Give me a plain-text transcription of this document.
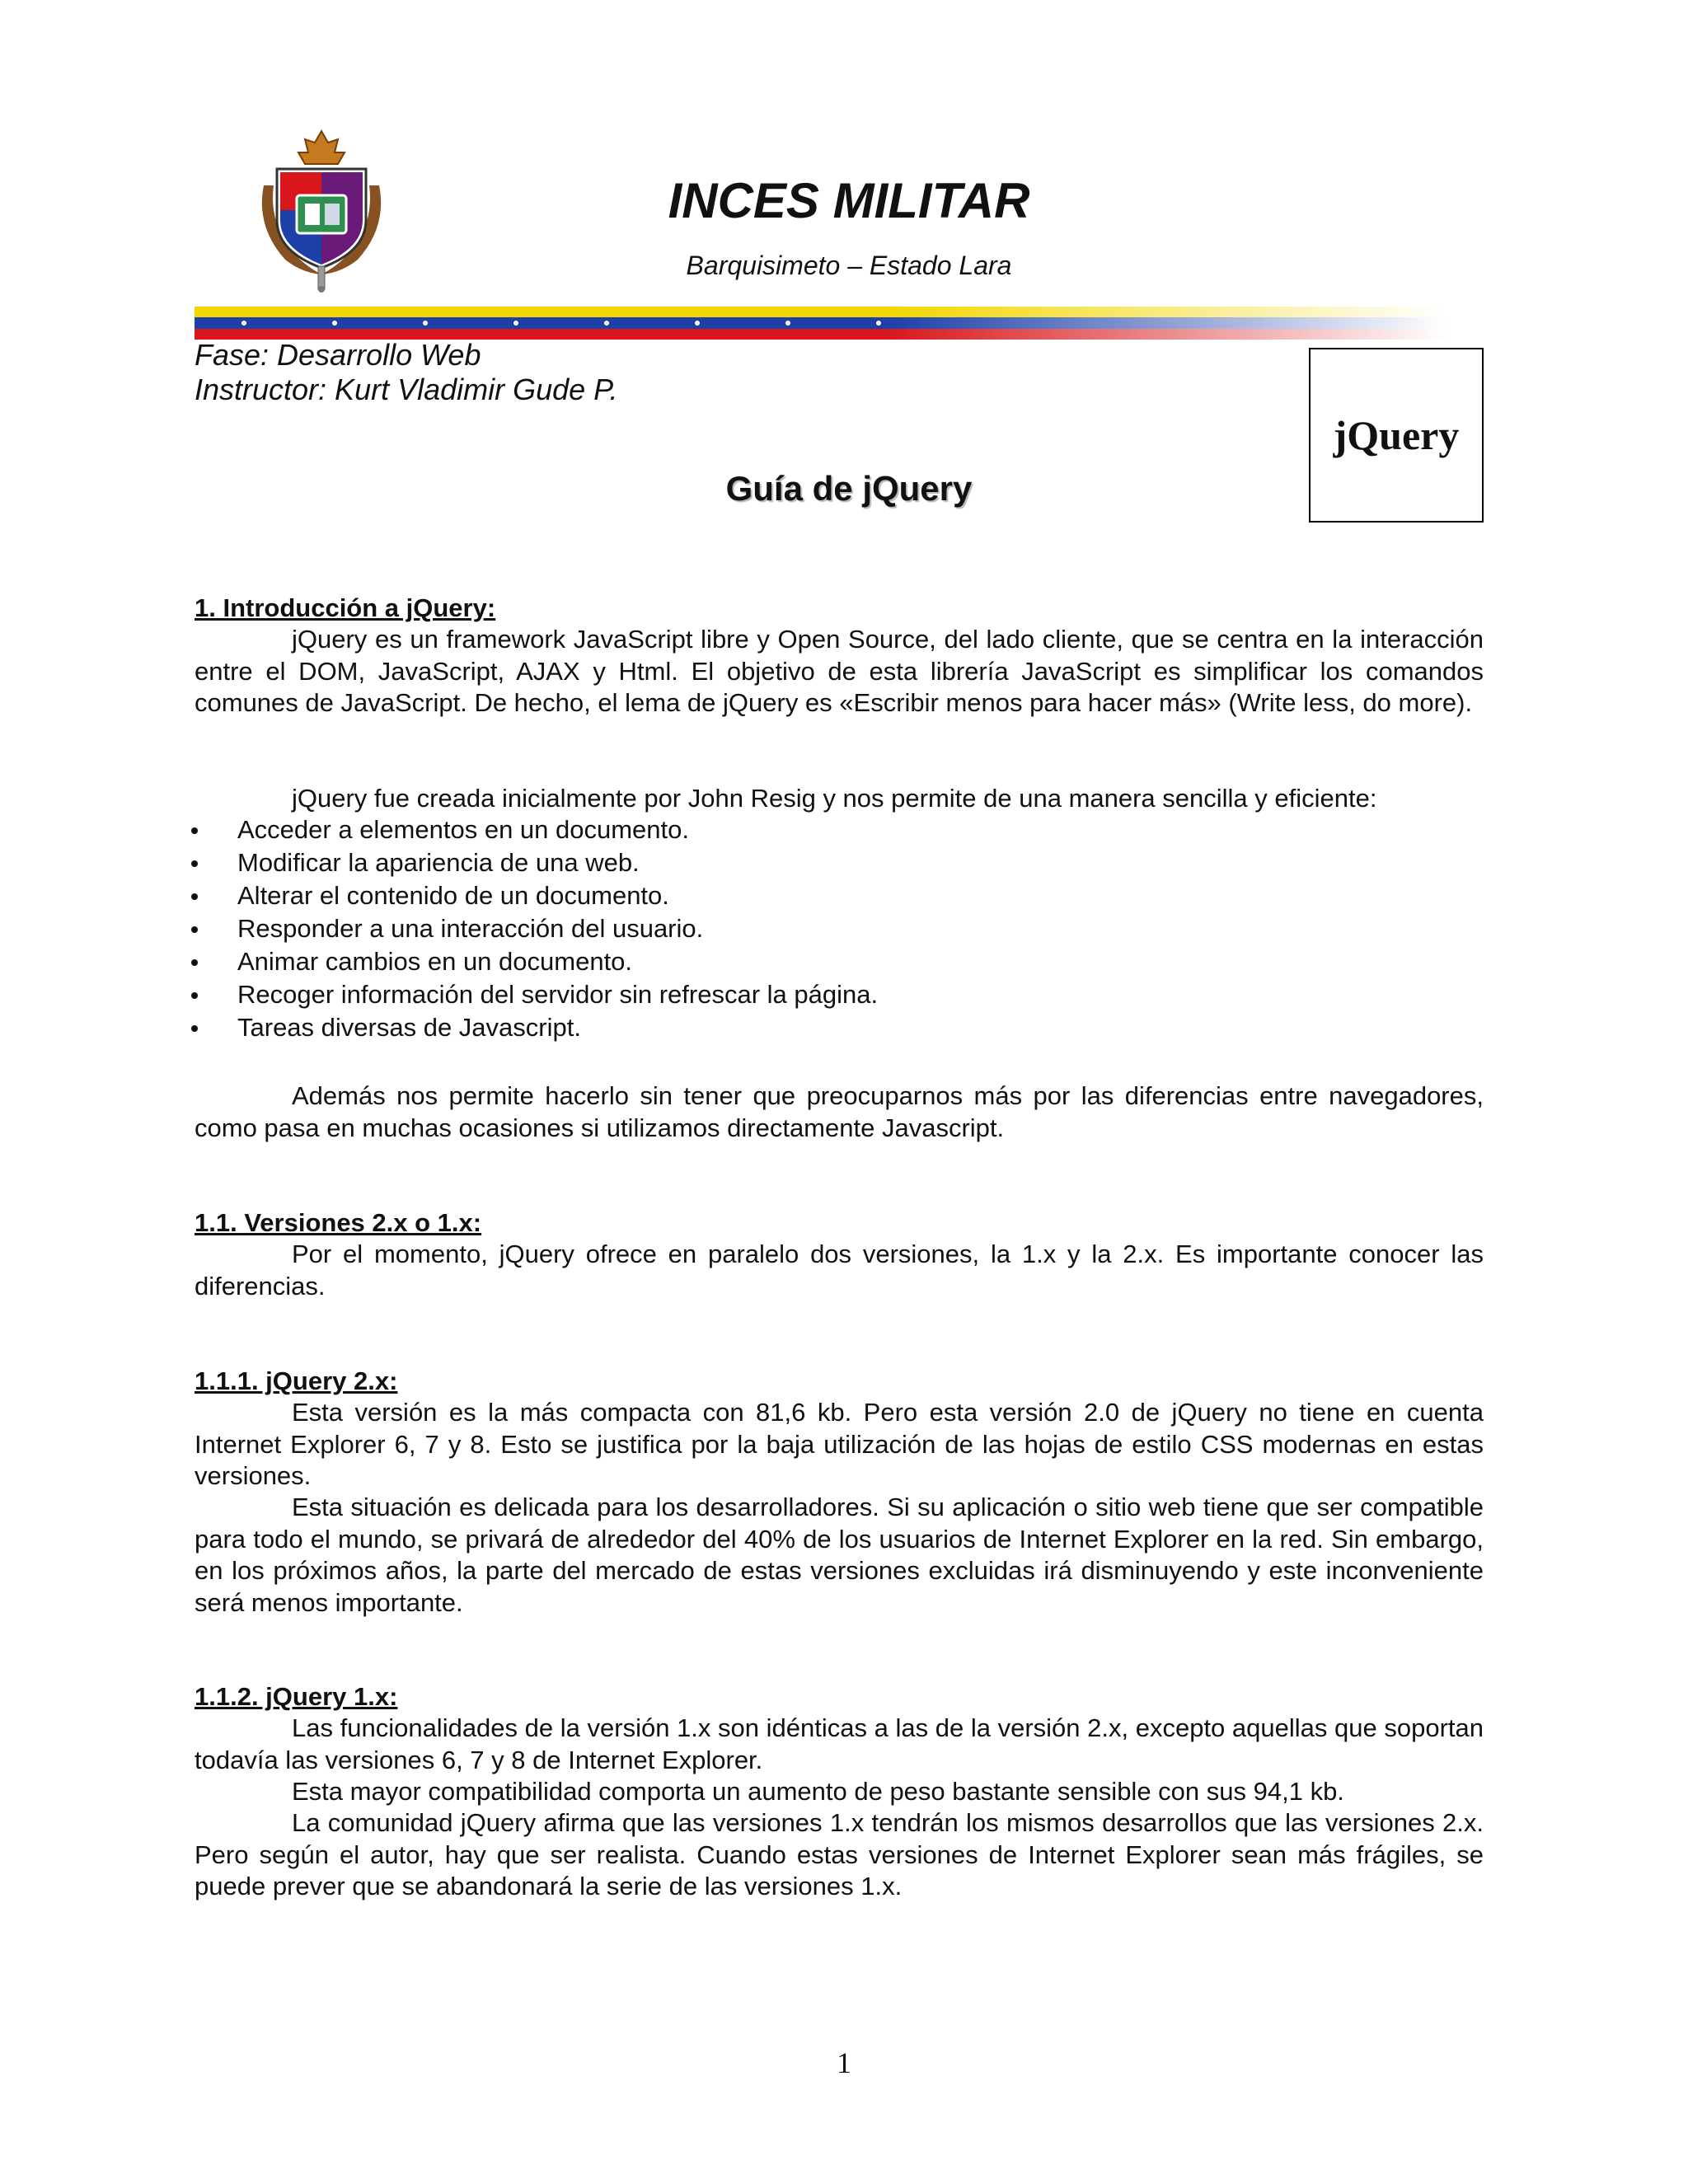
INCES MILITAR
Barquisimeto – Estado Lara
Fase: Desarrollo Web
Instructor: Kurt Vladimir Gude P.
jQuery
Guía de jQuery
1. Introducción a jQuery:

jQuery es un framework JavaScript libre y Open Source, del lado cliente, que se centra en la interacción entre el DOM, JavaScript, AJAX y Html. El objetivo de esta librería JavaScript es simplificar los comandos comunes de JavaScript. De hecho, el lema de jQuery es «Escribir menos para hacer más» (Write less, do more).

jQuery fue creada inicialmente por John Resig y nos permite de una manera sencilla y eficiente:

Acceder a elementos en un documento.
Modificar la apariencia de una web.
Alterar el contenido de un documento.
Responder a una interacción del usuario.
Animar cambios en un documento.
Recoger información del servidor sin refrescar la página.
Tareas diversas de Javascript.

Además nos permite hacerlo sin tener que preocuparnos más por las diferencias entre navegadores, como pasa en muchas ocasiones si utilizamos directamente Javascript.

1.1. Versiones 2.x o 1.x:

Por el momento, jQuery ofrece en paralelo dos versiones, la 1.x y la 2.x. Es importante conocer las diferencias.

1.1.1. jQuery 2.x:

Esta versión es la más compacta con 81,6 kb. Pero esta versión 2.0 de jQuery no tiene en cuenta Internet Explorer 6, 7 y 8. Esto se justifica por la baja utilización de las hojas de estilo CSS modernas en estas versiones.

Esta situación es delicada para los desarrolladores. Si su aplicación o sitio web tiene que ser compatible para todo el mundo, se privará de alrededor del 40% de los usuarios de Internet Explorer en la red. Sin embargo, en los próximos años, la parte del mercado de estas versiones excluidas irá disminuyendo y este inconveniente será menos importante.

1.1.2. jQuery 1.x:

Las funcionalidades de la versión 1.x son idénticas a las de la versión 2.x, excepto aquellas que soportan todavía las versiones 6, 7 y 8 de Internet Explorer.

Esta mayor compatibilidad comporta un aumento de peso bastante sensible con sus 94,1 kb.

La comunidad jQuery afirma que las versiones 1.x tendrán los mismos desarrollos que las versiones 2.x. Pero según el autor, hay que ser realista. Cuando estas versiones de Internet Explorer sean más frágiles, se puede prever que se abandonará la serie de las versiones 1.x.

1
